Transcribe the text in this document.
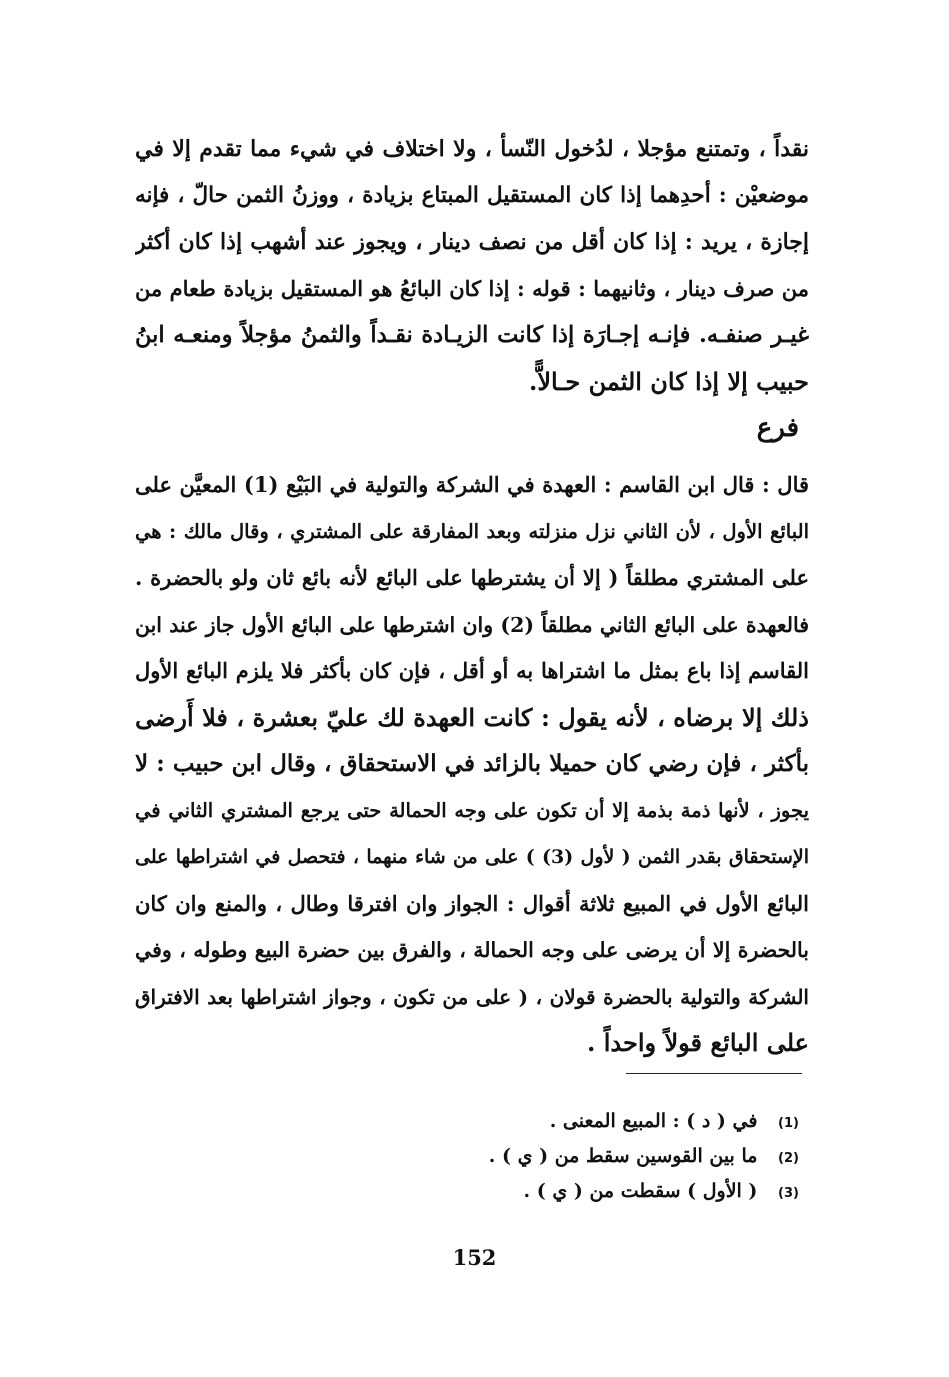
نقداً ، وتمتنع مؤجلا ، لدُخول النّسأ ، ولا اختلاف في شيء مما تقدم إلا في
موضعيْن : أحدِهما إذا كان المستقيل المبتاع بزيادة ، ووزنُ الثمن حالّ ، فإنه
إجازة ، يريد : إذا كان أقل من نصف دينار ، ويجوز عند أشهب إذا كان أكثر
من صرف دينار ، وثانيهما : قوله : إذا كان البائعُ هو المستقيل بزيادة طعام من
غيـر صنفـه. فإنـه إجـارَة إذا كانت الزيـادة نقـداً والثمنُ مؤجلاً ومنعـه ابنُ
حبيب إلا إذا كان الثمن حـالاًّ.
فرع
قال : قال ابن القاسم : العهدة في الشركة والتولية في البَيْع (1) المعيَّن على
البائع الأول ، لأن الثاني نزل منزلته وبعد المفارقة على المشتري ، وقال مالك : هي
على المشتري مطلقاً ( إلا أن يشترطها على البائع لأنه بائع ثان ولو بالحضرة .
فالعهدة على البائع الثاني مطلقاً (2) وان اشترطها على البائع الأول جاز عند ابن
القاسم إذا باع بمثل ما اشتراها به أو أقل ، فإن كان بأكثر فلا يلزم البائع الأول
ذلك إلا برضاه ، لأنه يقول : كانت العهدة لك عليّ بعشرة ، فلا أَرضى
بأكثر ، فإن رضي كان حميلا بالزائد في الاستحقاق ، وقال ابن حبيب : لا
يجوز ، لأنها ذمة بذمة إلا أن تكون على وجه الحمالة حتى يرجع المشتري الثاني في
الإستحقاق بقدر الثمن ( لأول (3) ) على من شاء منهما ، فتحصل في اشتراطها على
البائع الأول في المبيع ثلاثة أقوال : الجواز وان افترقا وطال ، والمنع وان كان
بالحضرة إلا أن يرضى على وجه الحمالة ، والفرق بين حضرة البيع وطوله ، وفي
الشركة والتولية بالحضرة قولان ، ( على من تكون ، وجواز اشتراطها بعد الافتراق
على البائع قولاً واحداً .
(1) في ( د ) : المبيع المعنى .
(2) ما بين القوسين سقط من ( ي ) .
(3) ( الأول ) سقطت من ( ي ) .
152
